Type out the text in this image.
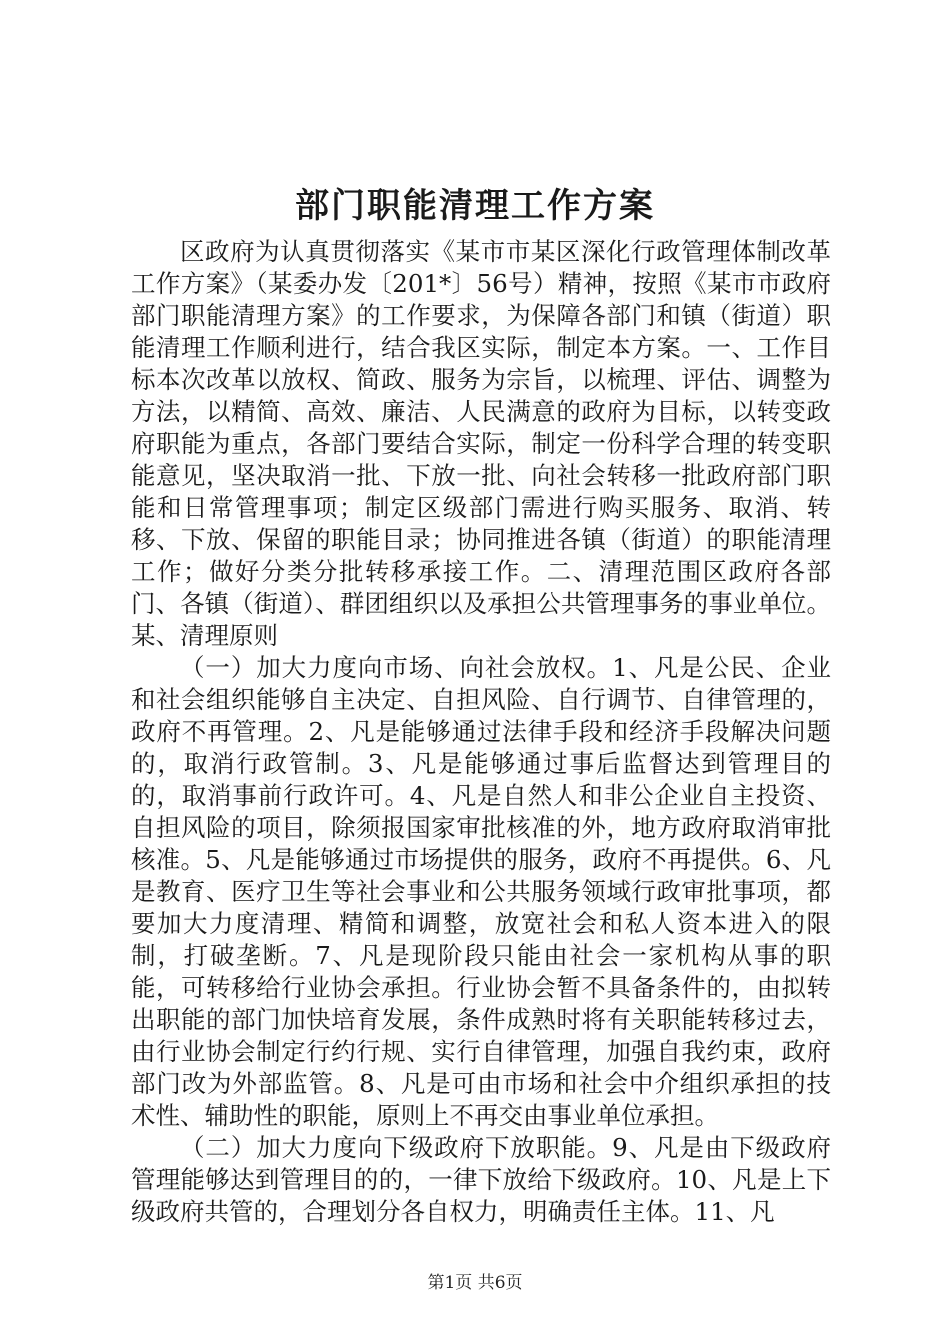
部门职能清理工作方案

区政府为认真贯彻落实《某市市某区深化行政管理体制改革工作方案》（某委办发〔201*〕56号）精神，按照《某市市政府部门职能清理方案》的工作要求，为保障各部门和镇（街道）职能清理工作顺利进行，结合我区实际，制定本方案。一、工作目标本次改革以放权、简政、服务为宗旨，以梳理、评估、调整为方法，以精简、高效、廉洁、人民满意的政府为目标，以转变政府职能为重点，各部门要结合实际，制定一份科学合理的转变职能意见，坚决取消一批、下放一批、向社会转移一批政府部门职能和日常管理事项；制定区级部门需进行购买服务、取消、转移、下放、保留的职能目录；协同推进各镇（街道）的职能清理工作；做好分类分批转移承接工作。二、清理范围区政府各部门、各镇（街道）、群团组织以及承担公共管理事务的事业单位。某、清理原则

（一）加大力度向市场、向社会放权。1、凡是公民、企业和社会组织能够自主决定、自担风险、自行调节、自律管理的，政府不再管理。2、凡是能够通过法律手段和经济手段解决问题的，取消行政管制。3、凡是能够通过事后监督达到管理目的的，取消事前行政许可。4、凡是自然人和非公企业自主投资、自担风险的项目，除须报国家审批核准的外，地方政府取消审批核准。5、凡是能够通过市场提供的服务，政府不再提供。6、凡是教育、医疗卫生等社会事业和公共服务领域行政审批事项，都要加大力度清理、精简和调整，放宽社会和私人资本进入的限制，打破垄断。7、凡是现阶段只能由社会一家机构从事的职能，可转移给行业协会承担。行业协会暂不具备条件的，由拟转出职能的部门加快培育发展，条件成熟时将有关职能转移过去，由行业协会制定行约行规、实行自律管理，加强自我约束，政府部门改为外部监管。8、凡是可由市场和社会中介组织承担的技术性、辅助性的职能，原则上不再交由事业单位承担。

（二）加大力度向下级政府下放职能。9、凡是由下级政府管理能够达到管理目的的，一律下放给下级政府。10、凡是上下级政府共管的，合理划分各自权力，明确责任主体。11、凡

第1页 共6页
